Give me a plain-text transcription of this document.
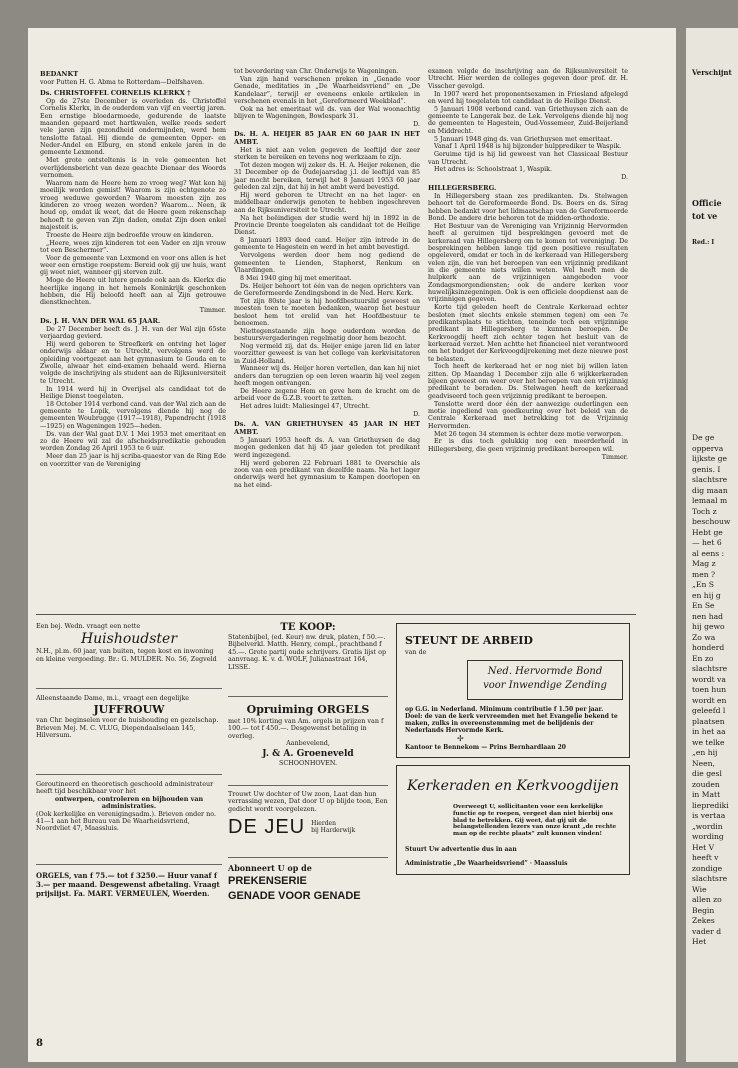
BEDANKT

voor Putten H. G. Abma te Rotterdam—Delfshaven.

Ds. CHRISTOFFEL CORNELIS KLERKX †

Op de 27ste December is overleden ds. Christoffel Cornelis Klerkx, in de ouderdom van vijf en veertig jaren. Een ernstige bloedarmoede, gedurende de laatste maanden gepaard met hartkwalen, welke reeds sedert vele jaren zijn gezondheid ondermijnden, werd hem tenslotte fataal. Hij diende de gemeenten Opper- en Neder-Andel en Elburg, en stond enkele jaren in de gemeente Lexmond.

Met grote ontsteltenis is in vele gemeenten het overlijdensbericht van deze geachte Dienaar des Woords vernomen.

Waarom nam de Heere hem zo vroeg weg? Wat kon hij moeilijk worden gemist! Waarom is zijn echtgenote zo vroeg weduwe geworden? Waarom moesten zijn zes kinderen zo vroeg wezen worden? Waarom... Neen, ik houd op, omdat ik weet, dat de Heere geen rekenschap behoeft te geven van Zijn daden, omdat Zijn doen enkel majesteit is.

Troeste de Heere zijn bedroefde vrouw en kinderen.

„Heere, wees zijn kinderen tot een Vader en zijn vrouw tot een Beschermer”.

Voor de gemeente van Lexmond en voor ons allen is het weer een ernstige roepstem: Bereid ook gij uw huis, want gij weet niet, wanneer gij sterven zult.

Moge de Heere uit lutere genade ook aan ds. Klerkx die heerlijke ingang in het hemels Koninkrijk geschonken hebben, die Hij beloofd heeft aan al Zijn getrouwe dienstknechten.

Timmer.

Ds. J. H. VAN DER WAL 65 JAAR.

De 27 December heeft ds. J. H. van der Wal zijn 65ste verjaardag gevierd.

Hij werd geboren te Streefkerk en ontving het lager onderwijs aldaar en te Utrecht, vervolgens werd de opleiding voortgezet aan het gymnasium te Gouda en te Zwolle, alwaar het eind-examen behaald werd. Hierna volgde de inschrijving als student aan de Rijksuniversiteit te Utrecht.

In 1914 werd hij in Overijsel als candidaat tot de Heilige Dienst toegelaten.

18 October 1914 verbond cand. van der Wal zich aan de gemeente te Lopik, vervolgens diende hij nog de gemeenten Woubrugge (1917—1918), Papendrecht (1918—1925) en Wageningen 1925—heden.

Ds. van der Wal gaat D.V. 1 Mei 1953 met emeritaat en zo de Heere wil zal de afscheidspredikatie gehouden worden Zondag 26 April 1953 te 6 uur.

Meer dan 25 jaar is hij scriba-quaestor van de Ring Ede en voorzitter van de Vereniging

tot bevordering van Chr. Onderwijs te Wageningen.

Van zijn hand verschenen preken in „Genade voor Genade, meditaties in „De Waarheidsvriend” en „De Kandelaar”, terwijl er eveneens enkele artikelen in verschenen evenals in het „Gereformeerd Weekblad”.

Ook na het emeritaat wil ds. van der Wal woonachtig blijven te Wageningen, Bowlespark 31.

D.

Ds. H. A. HEIJER 85 JAAR EN 60 JAAR IN HET AMBT.

Het is niet aan velen gegeven de leeftijd der zeer sterken te bereiken en tevens nog werkzaam te zijn.

Tot dezen mogen wij zeker ds. H. A. Heijer rekenen, die 31 December op de Oudejaarsdag j.l. de leeftijd van 85 jaar mocht bereiken, terwijl het 8 Januari 1953 60 jaar geleden zal zijn, dat hij in het ambt werd bevestigd.

Hij werd geboren te Utrecht en na het lager- en middelbaar onderwijs genoten te hebben ingeschreven aan de Rijksuniversiteit te Utrecht.

Na het beëindigen der studie werd hij in 1892 in de Provincie Drente toegelaten als candidaat tot de Heilige Dienst.

8 Januari 1893 deed cand. Heijer zijn intrede in de gemeente te Hagestein en werd in het ambt bevestigd.

Vervolgens werden door hem nog gediend de gemeenten te Lienden, Staphorst, Renkum en Vlaardingen.

8 Mei 1940 ging hij met emeritaat.

Ds. Heijer behoort tot één van de negen oprichters van de Gereformeerde Zendingsbond in de Ned. Herv. Kerk.

Tot zijn 80ste jaar is hij hoofdbestuurslid geweest en moesten toen te moeten bedanken, waarop het bestuur besloot hem tot erelid van het Hoofdbestuur te benoemen.

Niettegenstaande zijn hoge ouderdom worden de bestuursvergaderingen regelmatig door hem bezocht.

Nog vermeld zij, dat ds. Heijer enige jaren lid en later voorzitter geweest is van het college van kerkvisitatoren in Zuid-Holland.

Wanneer wij ds. Heijer horen vertellen, dan kan hij niet anders dan terugzien op een leven waarin hij veel zegen heeft mogen ontvangen.

De Heere zegene Hem en geve hem de kracht om de arbeid voor de G.Z.B. voort te zetten.

Het adres luidt: Maliesingel 47, Utrecht.

D.

Ds. A. VAN GRIETHUYSEN 45 JAAR IN HET AMBT.

5 Januari 1953 heeft ds. A. van Griethuysen de dag mogen gedenken dat hij 45 jaar geleden tot predikant werd ingezegend.

Hij werd geboren 22 Februari 1881 te Overschie als zoon van een predikant van dezelfde naam. Na het lager onderwijs werd het gymnasium te Kampen doorlopen en na het eind-

examen volgde de inschrijving aan de Rijksuniversiteit te Utrecht. Hier werden de colleges gegeven door prof. dr. H. Visscher gevolgd.

In 1907 werd het proponentsexamen in Friesland afgelegd en werd hij toegelaten tot candidaat in de Heilige Dienst.

5 Januari 1908 verbond cand. van Griethuysen zich aan de gemeente te Langerak bez. de Lek. Vervolgens diende hij nog de gemeenten te Hagestein, Oud-Vossemeer, Zuid-Beijerland en Middrecht.

5 Januari 1948 ging ds. van Griethuysen met emeritaat.

Vanaf 1 April 1948 is hij bijzonder hulpprediker te Waspik.

Geruime tijd is hij lid geweest van het Classicaal Bestuur van Utrecht.

Het adres is: Schoolstraat 1, Waspik.

D.

HILLEGERSBERG.

In Hillegersberg staan zes predikanten. Ds. Stelwagen behoort tot de Gereformeerde Bond. Ds. Boers en ds. Sirag hebben bedankt voor het lidmaatschap van de Gereformeerde Bond. De andere drie behoren tot de midden-orthodoxie.

Het Bestuur van de Vereniging van Vrijzinnig Hervormden heeft al geruimen tijd besprekingen gevoerd met de kerkeraad van Hillegersberg om te komen tot vereniging. De besprekingen hebben lange tijd geen positieve resultaten opgeleverd, omdat er toch in de kerkeraad van Hillegersberg velen zijn, die van het beroepen van een vrijzinnig predikant in die gemeente niets willen weten. Wel heeft men de hulpkerk aan de vrijzinnigen aangeboden voor Zondagsmorgendiensten; ook de andere kerken voor huwelijksinzegeningen. Ook is een officiele doopdienst aan de vrijzinnigen gegeven.

Korte tijd geleden heeft de Centrale Kerkeraad echter besloten (met slechts enkele stemmen tegen) om een 7e predikantsplaats te stichten, teneinde toch een vrijzinnige predikant in Hillegersberg te kunnen beroepen. De Kerkvoogdij heeft zich echter tegen het besluit van de kerkeraad verzet. Men achtte het financieel niet verantwoord om het budget der Kerkvoogdijrekening met deze nieuwe post te belasten.

Toch heeft de kerkeraad het er nog niet bij willen laten zitten. Op Maandag 1 December zijn alle 6 wijkkerkeraden bijeen geweest om weer over het beroepen van een vrijzinnig predikant te beraden. Ds. Stelwagen heeft de kerkeraad geadviseerd toch geen vrijzinnig predikant te beroepen.

Tenslotte werd door één der aanwezige ouderlingen een motie ingediend van goedkeuring over het beleid van de Centrale Kerkeraad met betrekking tot de Vrijzinnig Hervormden.

Met 26 tegen 34 stemmen is echter deze motie verworpen.

Er is dus toch gelukkig nog een meerderheid in Hillegersberg, die geen vrijzinnig predikant beroepen wil.

Timmer.

Een bej. Wedn. vraagt een nette
Huishoudster
N.H., pl.m. 60 jaar, van buiten, tegen kost en inwoning en kleine vergoeding. Br.: G. MULDER. No. 56, Zegveld
Alleenstaande Dame, m.i., vraagt een degelijke
JUFFROUW
van Chr. beginselen voor de huishouding en gezelschap. Brieven Mej. M. C. VLUG, Diependaalselaan 145, Hilversum.
Geroutineerd en theoretisch geschoold administrateur heeft tijd beschikbaar voor het
ontwerpen, controleren en bijhouden van administraties.
(Ook kerkelijke en verenigingsadm.). Brieven onder no. 41—1 aan het Bureau van De Waarheidsvriend, Noordvliet 47, Maassluis.
ORGELS, van f 75.— tot f 3250.— Huur vanaf f 3.— per maand. Desgewenst afbetaling. Vraagt prijslijst. Fa. MART. VERMEULEN, Woerden.
TE KOOP:
Statenbijbel, (ed. Keur) nw. druk, platen, f 50.—. Bijbelverkl. Matth. Henry, compl., prachtband f 45.—. Grote partij oude schrijvers. Gratis lijst op aanvraag. K. v. d. WOLF, Julianastraat 164, LISSE.
Opruiming ORGELS
met 10% korting van Am. orgels in prijzen van f 100.— tot f 450.—. Desgewenst betaling in overleg.
Aanbevelend,
J. & A. Groeneveld
SCHOONHOVEN.
Trouwt Uw dochter of Uw zoon, Laat dan hun verrassing wezen, Dat door U op blijde toon, Een gedicht wordt voorgelezen.
DE JEU Hierden
bij Harderwijk
Abonneert U op de
PREKENSERIE
GENADE VOOR GENADE
STEUNT DE ARBEID
van de
Ned. Hervormde Bond
voor Inwendige Zending
op G.G. in Nederland. Minimum contributie f 1.50 per jaar. Doel: de van de kerk vervreemden met het Evangelie bekend te maken, zulks in overeenstemming met de belijdenis der Nederlands Hervormde Kerk.
✢
Kantoor te Bennekom — Prins Bernhardlaan 20
Kerkeraden en Kerkvoogdijen
Overweegt U, sollicitanten voor een kerkelijke functie op te roepen, vergeet dan niet hierbij ons blad te betrekken. Gij weet, dat gij uit de belangstellenden lezers van onze krant „de rechte man op de rechte plaats” zult kunnen vinden!
Stuurt Uw advertentie dus in aan
Administratie „De Waarheidsvriend” · Maassluis
8
Verschijnt
Officie
tot ve
Red.: I
De ge
opperva
lijkste ge
genis. I
slachtsre
dig maan
lemaal m
Toch z
beschouw
Hebt ge
— het 6
al eens :
Mag z
men ?
„En S
en hij g
En Se
nen had
hij gewo
Zo wa
honderd
En zo
slachtsre
wordt va
toen hun
wordt en
geleefd l
plaatsen
in het aa
we telke
„en hij
Neen,
die gesl
zouden
in Matt
lieprediki
is vertaa
„wordin
wording
Het V
heeft v
zondige
slachtsre
Wie
allen zo
Begin
Zekes
vader d
Het
